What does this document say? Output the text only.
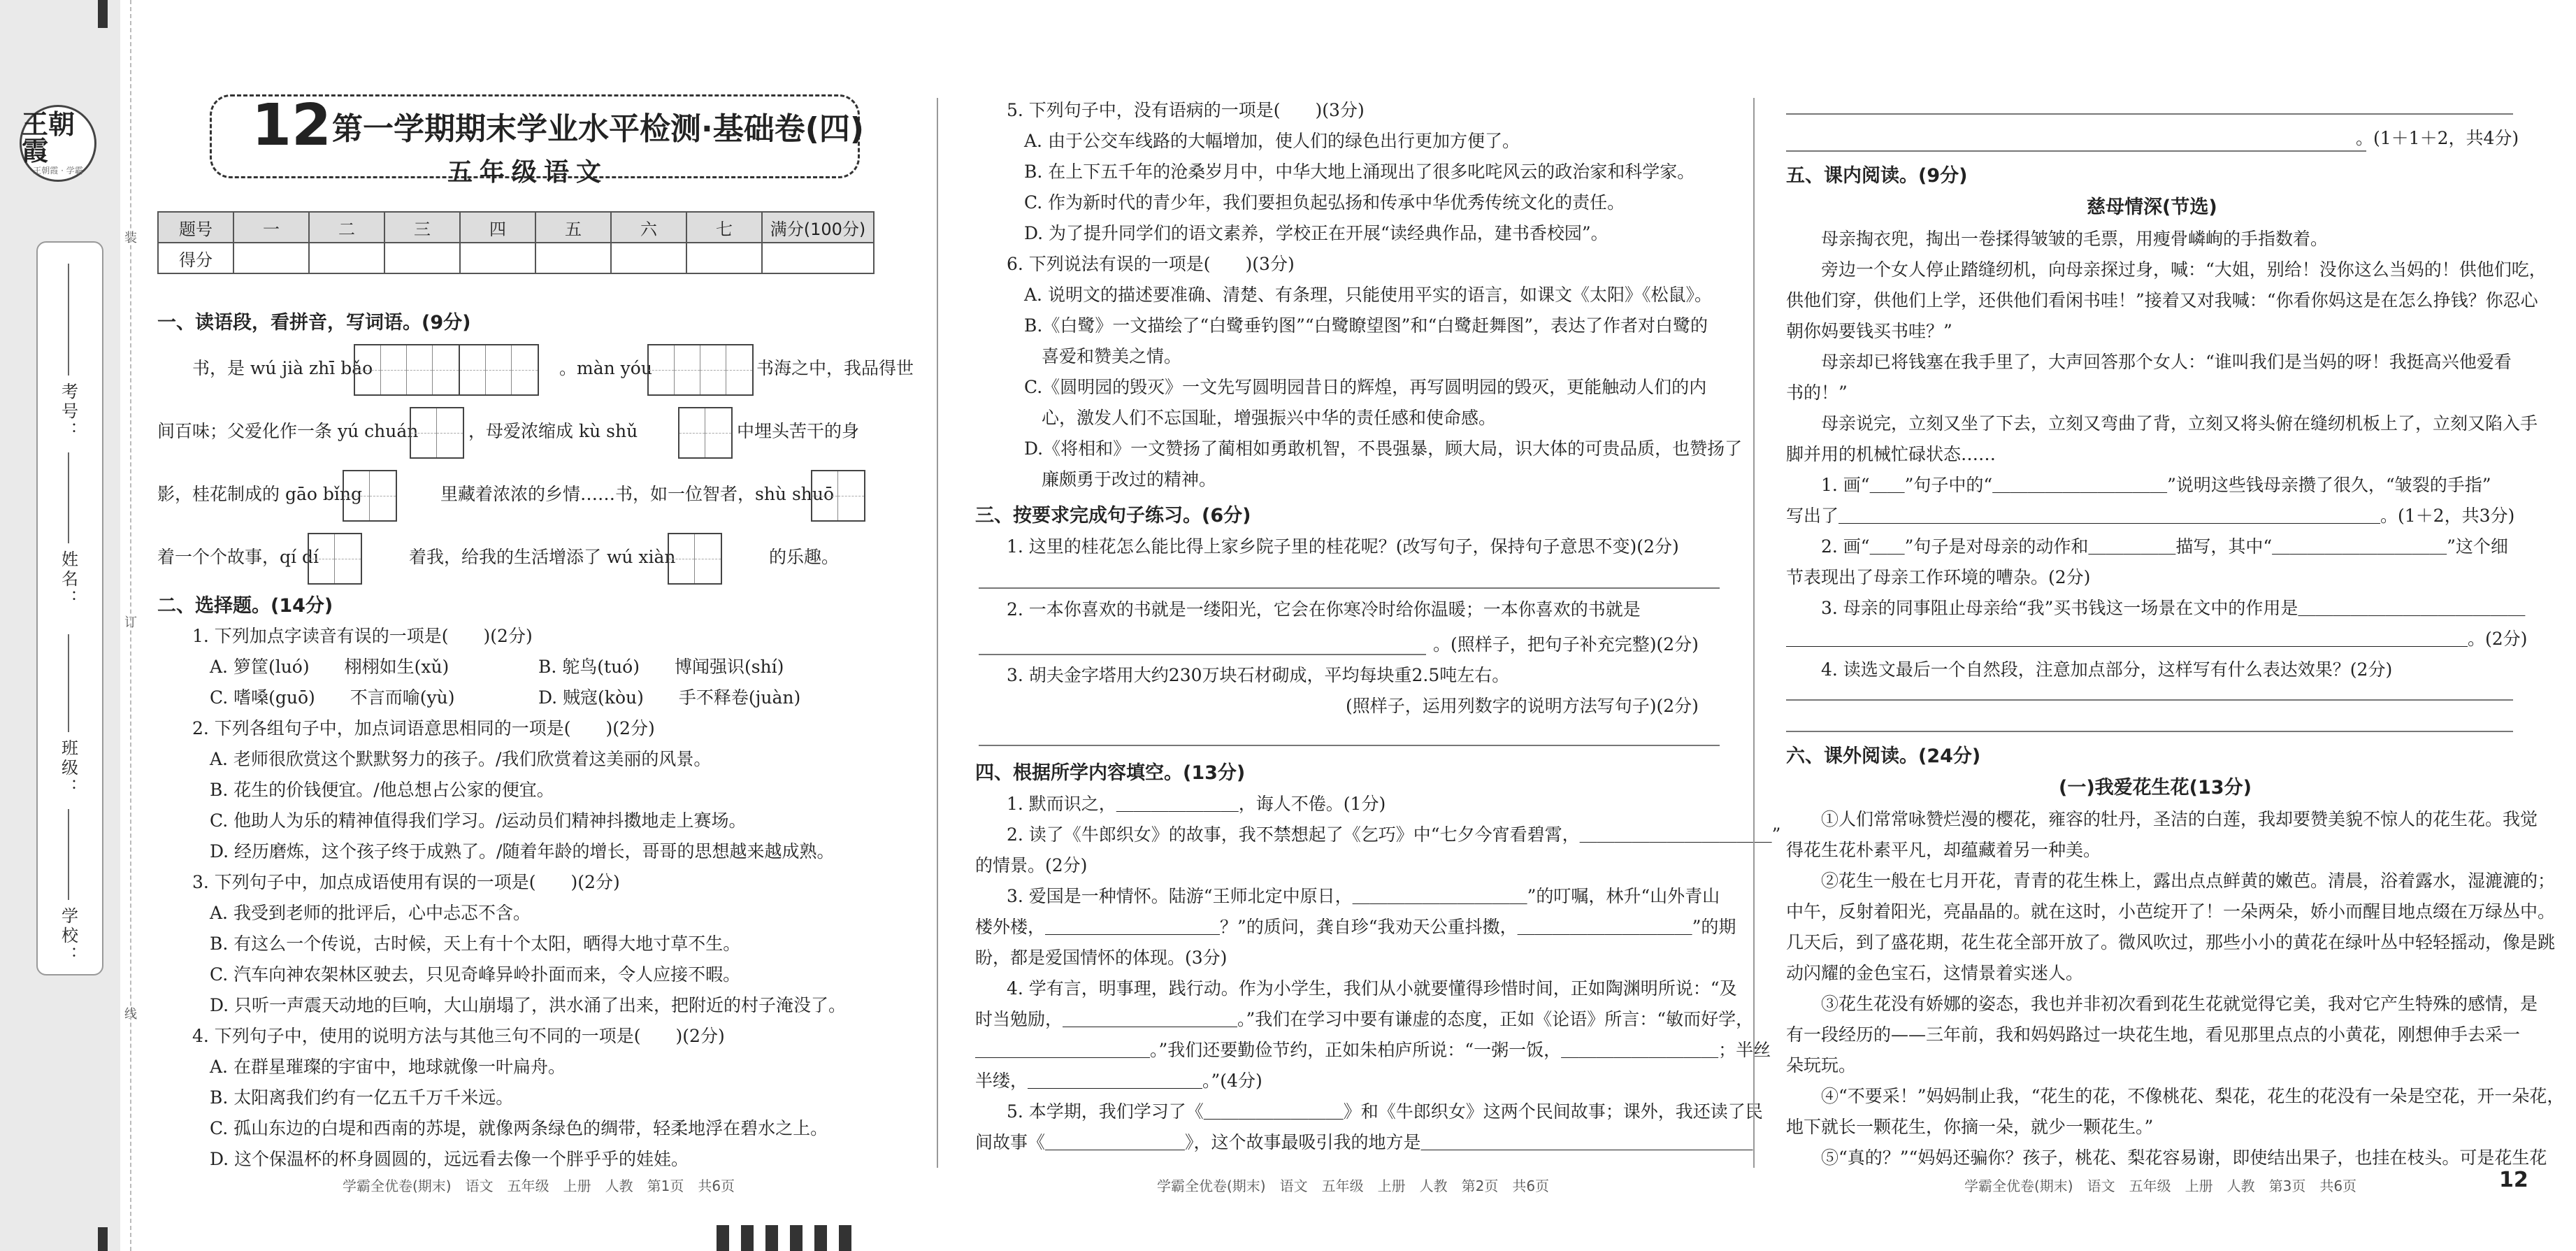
王朝霞
王朝霞 · 学霸
考号：
姓名：
班级：
学校：
装
订
线
12 第一学期期末学业水平检测·基础卷(四)
五年级语文
题号	一	二	三	四	五	六	七	满分(100分)
得分								
一、读语段，看拼音，写词语。(9分)
书，是 wú jià zhī bǎo	。màn yóu	书海之中，我品得世
间百味；父爱化作一条 yú chuán	，母爱浓缩成 kù shǔ	中埋头苦干的身
影，桂花制成的 gāo bǐng	里藏着浓浓的乡情……书，如一位智者，shù shuō
着一个个故事，qí dí	着我，给我的生活增添了 wú xiàn	的乐趣。
二、选择题。(14分)
1. 下列加点字读音有误的一项是(　　)(2分)
A. 箩筐(luó)　　栩栩如生(xǔ)	B. 鸵鸟(tuó)　　博闻强识(shí)
C. 嗜嗓(guō)　　不言而喻(yù)	D. 贼寇(kòu)　　手不释卷(juàn)
2. 下列各组句子中，加点词语意思相同的一项是(　　)(2分)
A. 老师很欣赏这个默默努力的孩子。/我们欣赏着这美丽的风景。
B. 花生的价钱便宜。/他总想占公家的便宜。
C. 他助人为乐的精神值得我们学习。/运动员们精神抖擞地走上赛场。
D. 经历磨炼，这个孩子终于成熟了。/随着年龄的增长，哥哥的思想越来越成熟。
3. 下列句子中，加点成语使用有误的一项是(　　)(2分)
A. 我受到老师的批评后，心中忐忑不含。
B. 有这么一个传说，古时候，天上有十个太阳，晒得大地寸草不生。
C. 汽车向神农架林区驶去，只见奇峰异岭扑面而来，令人应接不暇。
D. 只听一声震天动地的巨响，大山崩塌了，洪水涌了出来，把附近的村子淹没了。
4. 下列句子中，使用的说明方法与其他三句不同的一项是(　　)(2分)
A. 在群星璀璨的宇宙中，地球就像一叶扁舟。
B. 太阳离我们约有一亿五千万千米远。
C. 孤山东边的白堤和西南的苏堤，就像两条绿色的绸带，轻柔地浮在碧水之上。
D. 这个保温杯的杯身圆圆的，远远看去像一个胖乎乎的娃娃。
学霸全优卷(期末)　语文　五年级　上册　人教　第1页　共6页
5. 下列句子中，没有语病的一项是(　　)(3分)
A. 由于公交车线路的大幅增加，使人们的绿色出行更加方便了。
B. 在上下五千年的沧桑岁月中，中华大地上涌现出了很多叱咤风云的政治家和科学家。
C. 作为新时代的青少年，我们要担负起弘扬和传承中华优秀传统文化的责任。
D. 为了提升同学们的语文素养，学校正在开展“读经典作品，建书香校园”。
6. 下列说法有误的一项是(　　)(3分)
A. 说明文的描述要准确、清楚、有条理，只能使用平实的语言，如课文《太阳》《松鼠》。
B.《白鹭》一文描绘了“白鹭垂钓图”“白鹭瞭望图”和“白鹭赶舞图”，表达了作者对白鹭的
　喜爱和赞美之情。
C.《圆明园的毁灭》一文先写圆明园昔日的辉煌，再写圆明园的毁灭，更能触动人们的内
　心，激发人们不忘国耻，增强振兴中华的责任感和使命感。
D.《将相和》一文赞扬了蔺相如勇敢机智，不畏强暴，顾大局，识大体的可贵品质，也赞扬了
　廉颇勇于改过的精神。
三、按要求完成句子练习。(6分)
1. 这里的桂花怎么能比得上家乡院子里的桂花呢？(改写句子，保持句子意思不变)(2分)
2. 一本你喜欢的书就是一缕阳光，它会在你寒冷时给你温暖；一本你喜欢的书就是
。(照样子，把句子补充完整)(2分)
3. 胡夫金字塔用大约230万块石材砌成，平均每块重2.5吨左右。
(照样子，运用列数字的说明方法写句子)(2分)
四、根据所学内容填空。(13分)
1. 默而识之，＿＿＿＿＿＿＿，诲人不倦。(1分)
2. 读了《牛郎织女》的故事，我不禁想起了《乞巧》中“七夕今宵看碧霄，＿＿＿＿＿＿＿＿＿＿＿”
的情景。(2分)
3. 爱国是一种情怀。陆游“王师北定中原日，＿＿＿＿＿＿＿＿＿＿”的叮嘱，林升“山外青山
楼外楼，＿＿＿＿＿＿＿＿＿＿？”的质问，龚自珍“我劝天公重抖擞，＿＿＿＿＿＿＿＿＿＿”的期
盼，都是爱国情怀的体现。(3分)
4. 学有言，明事理，践行动。作为小学生，我们从小就要懂得珍惜时间，正如陶渊明所说：“及
时当勉励，＿＿＿＿＿＿＿＿＿＿。”我们在学习中要有谦虚的态度，正如《论语》所言：“敏而好学，
＿＿＿＿＿＿＿＿＿＿。”我们还要勤俭节约，正如朱柏庐所说：“一粥一饭，＿＿＿＿＿＿＿＿＿；半丝
半缕，＿＿＿＿＿＿＿＿＿＿。”(4分)
5. 本学期，我们学习了《＿＿＿＿＿＿＿＿》和《牛郎织女》这两个民间故事；课外，我还读了民
间故事《＿＿＿＿＿＿＿＿》，这个故事最吸引我的地方是＿＿＿＿＿＿＿＿＿＿＿＿＿＿＿＿＿＿＿
学霸全优卷(期末)　语文　五年级　上册　人教　第2页　共6页
。(1＋1＋2，共4分)
五、课内阅读。(9分)
慈母情深(节选)
母亲掏衣兜，掏出一卷揉得皱皱的毛票，用瘦骨嶙峋的手指数着。
旁边一个女人停止踏缝纫机，向母亲探过身，喊：“大姐，别给！没你这么当妈的！供他们吃，
供他们穿，供他们上学，还供他们看闲书哇！”接着又对我喊：“你看你妈这是在怎么挣钱？你忍心
朝你妈要钱买书哇？”
母亲却已将钱塞在我手里了，大声回答那个女人：“谁叫我们是当妈的呀！我挺高兴他爱看
书的！”
母亲说完，立刻又坐了下去，立刻又弯曲了背，立刻又将头俯在缝纫机板上了，立刻又陷入手
脚并用的机械忙碌状态……
1. 画“＿＿”句子中的“＿＿＿＿＿＿＿＿＿＿”说明这些钱母亲攒了很久，“皱裂的手指”
写出了＿＿＿＿＿＿＿＿＿＿＿＿＿＿＿＿＿＿＿＿＿＿＿＿＿＿＿＿＿＿＿。(1＋2，共3分)
2. 画“＿＿”句子是对母亲的动作和＿＿＿＿＿描写，其中“＿＿＿＿＿＿＿＿＿＿”这个细
节表现出了母亲工作环境的嘈杂。(2分)
3. 母亲的同事阻止母亲给“我”买书钱这一场景在文中的作用是＿＿＿＿＿＿＿＿＿＿＿＿＿
＿＿＿＿＿＿＿＿＿＿＿＿＿＿＿＿＿＿＿＿＿＿＿＿＿＿＿＿＿＿＿＿＿＿＿＿＿＿＿。(2分)
4. 读选文最后一个自然段，注意加点部分，这样写有什么表达效果？(2分)
六、课外阅读。(24分)
(一)我爱花生花(13分)
①人们常常咏赞烂漫的樱花，雍容的牡丹，圣洁的白莲，我却要赞美貌不惊人的花生花。我觉
得花生花朴素平凡，却蕴藏着另一种美。
②花生一般在七月开花，青青的花生株上，露出点点鲜黄的嫩芭。清晨，浴着露水，湿漉漉的；
中午，反射着阳光，亮晶晶的。就在这时，小芭绽开了！一朵两朵，娇小而醒目地点缀在万绿丛中。
几天后，到了盛花期，花生花全部开放了。微风吹过，那些小小的黄花在绿叶丛中轻轻摇动，像是跳
动闪耀的金色宝石，这情景着实迷人。
③花生花没有娇娜的姿态，我也并非初次看到花生花就觉得它美，我对它产生特殊的感情，是
有一段经历的——三年前，我和妈妈路过一块花生地，看见那里点点的小黄花，刚想伸手去采一
朵玩玩。
④“不要采！”妈妈制止我，“花生的花，不像桃花、梨花，花生的花没有一朵是空花，开一朵花，
地下就长一颗花生，你摘一朵，就少一颗花生。”
⑤“真的？”“妈妈还骗你？孩子，桃花、梨花容易谢，即使结出果子，也挂在枝头。可是花生花
学霸全优卷(期末)　语文　五年级　上册　人教　第3页　共6页	12
